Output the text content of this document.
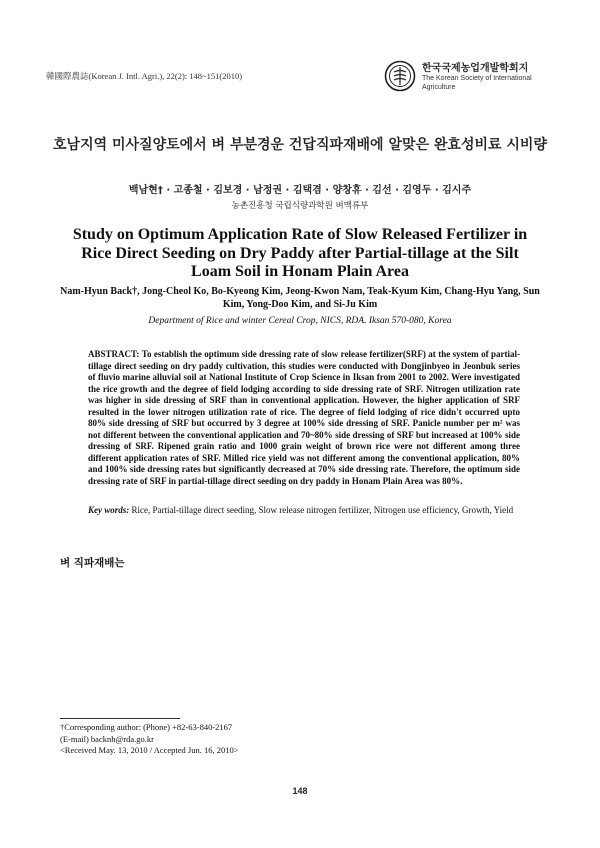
韓國際農誌(Korean J. Intl. Agri.), 22(2): 148~151(2010)
한국국제농업개발학회지
The Korean Society of International Agriculture
호남지역 미사질양토에서 벼 부분경운 건답직파재배에 알맞은 완효성비료 시비량
백남현† · 고종철 · 김보경 · 남정권 · 김택겸 · 양창휴 · 김선 · 김영두 · 김시주
농촌진흥청 국립식량과학원 벼맥류부
Study on Optimum Application Rate of Slow Released Fertilizer in Rice Direct Seeding on Dry Paddy after Partial-tillage at the Silt Loam Soil in Honam Plain Area
Nam-Hyun Back†, Jong-Cheol Ko, Bo-Kyeong Kim, Jeong-Kwon Nam, Teak-Kyum Kim, Chang-Hyu Yang, Sun Kim, Yong-Doo Kim, and Si-Ju Kim
Department of Rice and winter Cereal Crop, NICS, RDA. Iksan 570-080, Korea
ABSTRACT: To establish the optimum side dressing rate of slow release fertilizer(SRF) at the system of partial-tillage direct seeding on dry paddy cultivation, this studies were conducted with Dongjinbyeo in Jeonbuk series of fluvio marine alluvial soil at National Institute of Crop Science in Iksan from 2001 to 2002. Were investigated the rice growth and the degree of field lodging according to side dressing rate of SRF. Nitrogen utilization rate was higher in side dressing of SRF than in conventional application. However, the higher application of SRF resulted in the lower nitrogen utilization rate of rice. The degree of field lodging of rice didn't occurred upto 80% side dressing of SRF but occurred by 3 degree at 100% side dressing of SRF. Panicle number per m² was not different between the conventional application and 70~80% side dressing of SRF but increased at 100% side dressing of SRF. Ripened grain ratio and 1000 grain weight of brown rice were not different among three different application rates of SRF. Milled rice yield was not different among the conventional application, 80% and 100% side dressing rates but significantly decreased at 70% side dressing rate. Therefore, the optimum side dressing rate of SRF in partial-tillage direct seeding on dry paddy in Honam Plain Area was 80%.
Key words: Rice, Partial-tillage direct seeding, Slow release nitrogen fertilizer, Nitrogen use efficiency, Growth, Yield
벼 직파재배는
†Corresponding author: (Phone) +82-63-840-2167
(E-mail) backnh@rda.go.kr
<Received May. 13, 2010 / Accepted Jun. 16, 2010>
148
